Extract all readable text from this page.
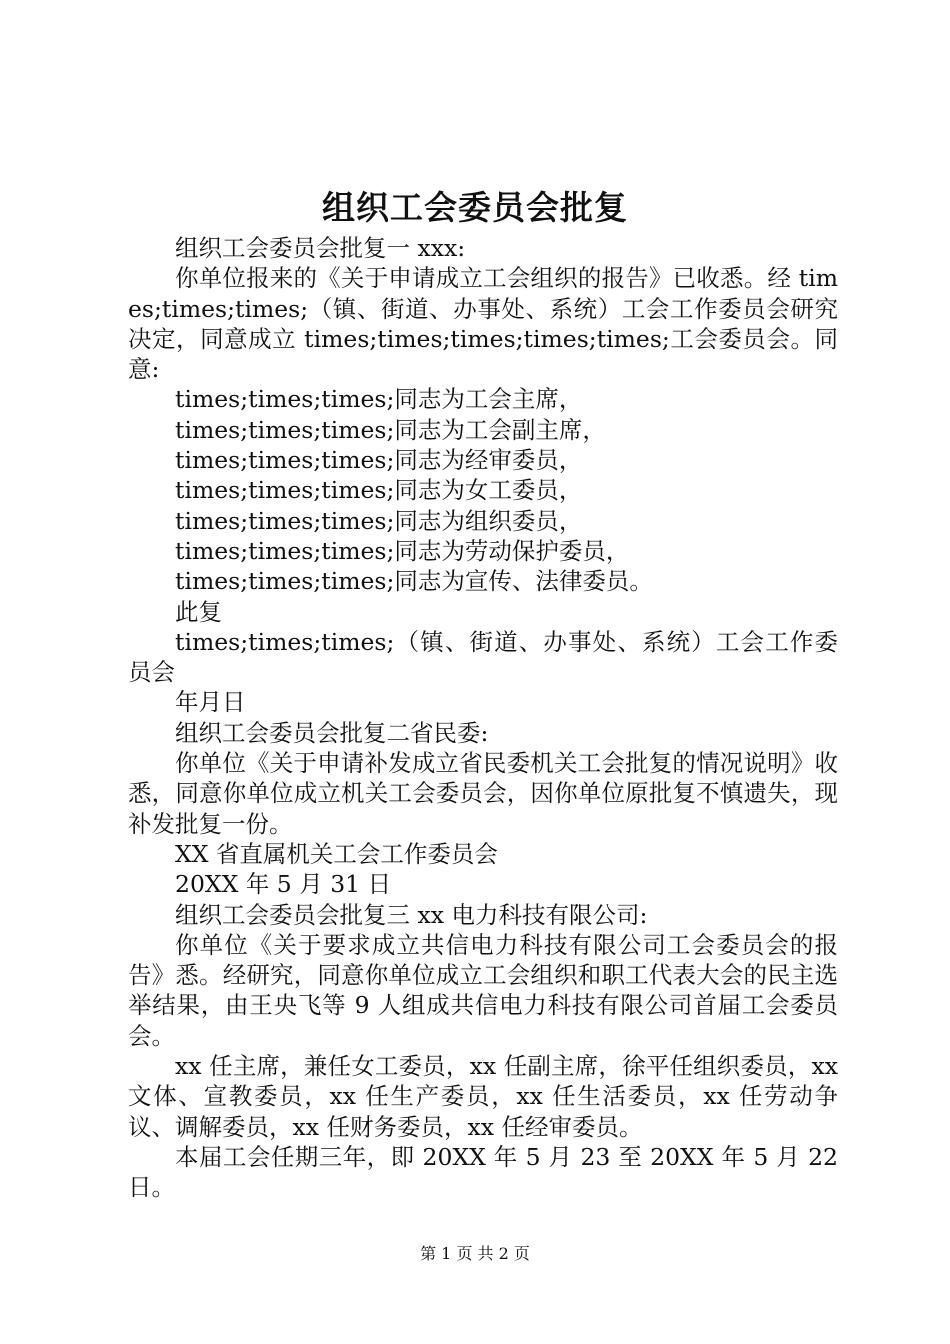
组织工会委员会批复

组织工会委员会批复一 xxx:

你单位报来的《关于申请成立工会组织的报告》已收悉。经 times;times;times;（镇、街道、办事处、系统）工会工作委员会研究决定，同意成立 times;times;times;times;times;工会委员会。同意:

times;times;times;同志为工会主席，

times;times;times;同志为工会副主席，

times;times;times;同志为经审委员，

times;times;times;同志为女工委员，

times;times;times;同志为组织委员，

times;times;times;同志为劳动保护委员，

times;times;times;同志为宣传、法律委员。

此复

times;times;times;（镇、街道、办事处、系统）工会工作委员会

年月日

组织工会委员会批复二省民委:

你单位《关于申请补发成立省民委机关工会批复的情况说明》收悉，同意你单位成立机关工会委员会，因你单位原批复不慎遗失，现补发批复一份。

XX 省直属机关工会工作委员会

20XX 年 5 月 31 日

组织工会委员会批复三 xx 电力科技有限公司:

你单位《关于要求成立共信电力科技有限公司工会委员会的报告》悉。经研究，同意你单位成立工会组织和职工代表大会的民主选举结果，由王央飞等 9 人组成共信电力科技有限公司首届工会委员会。

xx 任主席，兼任女工委员，xx 任副主席，徐平任组织委员，xx 文体、宣教委员，xx 任生产委员，xx 任生活委员，xx 任劳动争议、调解委员，xx 任财务委员，xx 任经审委员。

本届工会任期三年，即 20XX 年 5 月 23 至 20XX 年 5 月 22 日。

第 1 页 共 2 页
